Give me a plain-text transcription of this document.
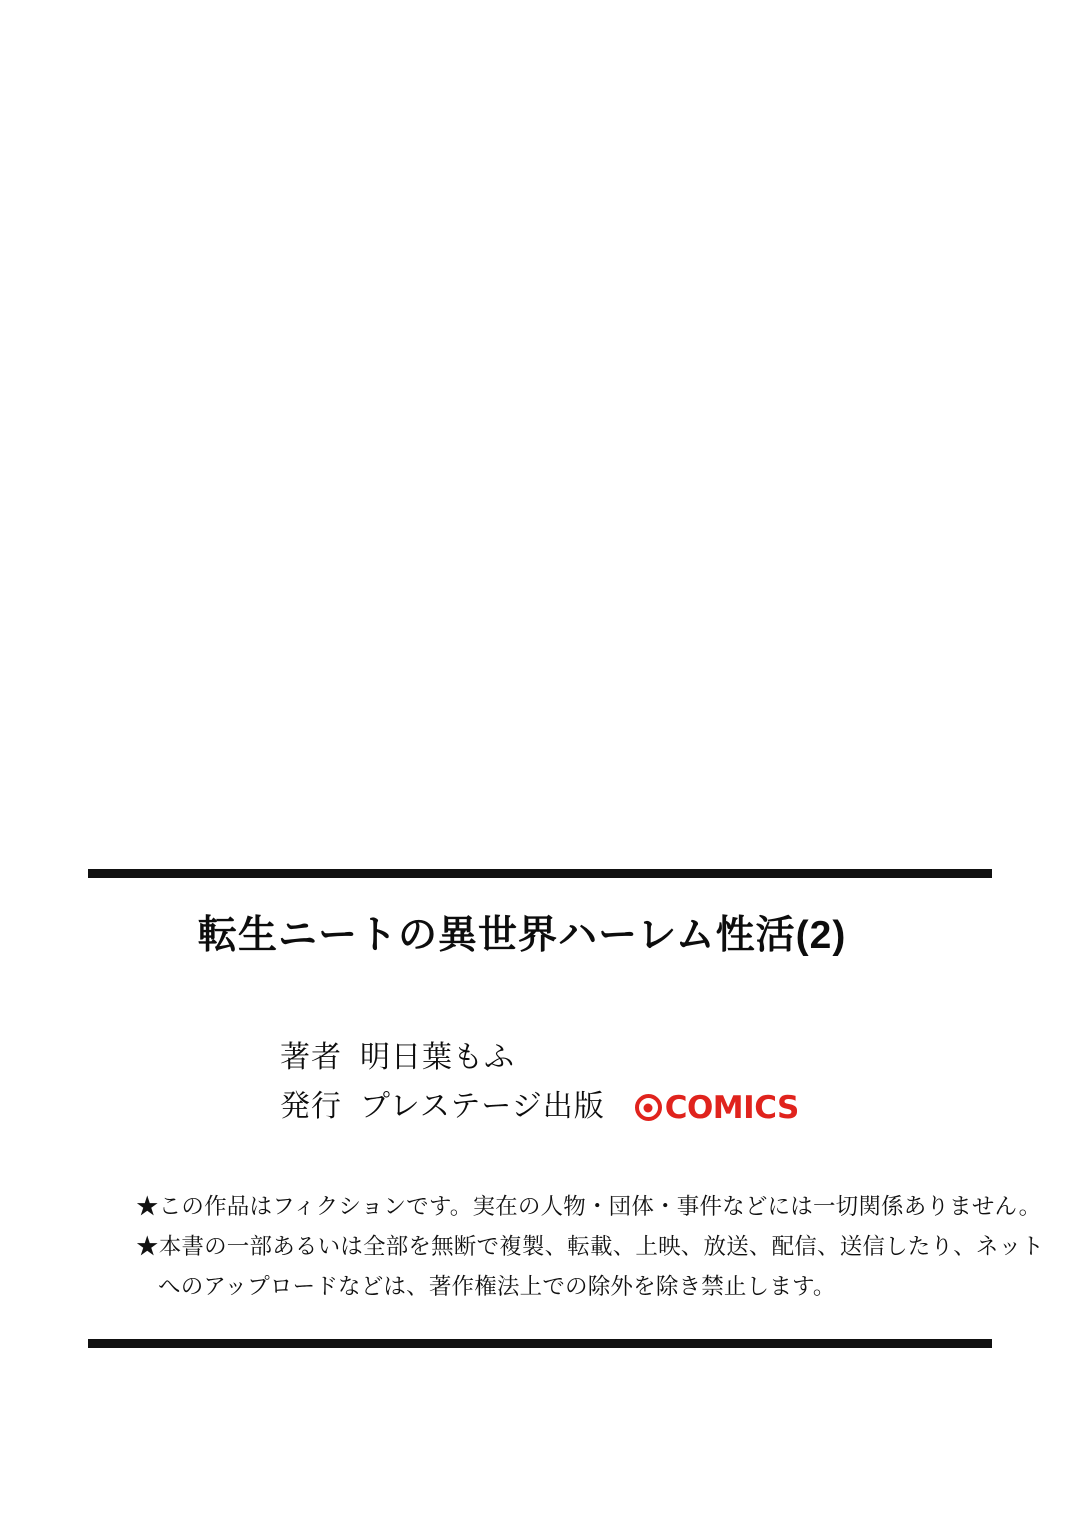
転生ニートの異世界ハーレム性活(2)
著者 明日葉もふ
発行 プレステージ出版 COMICS
★この作品はフィクションです。実在の人物・団体・事件などには一切関係ありません。
★本書の一部あるいは全部を無断で複製、転載、上映、放送、配信、送信したり、ネット
へのアップロードなどは、著作権法上での除外を除き禁止します。
